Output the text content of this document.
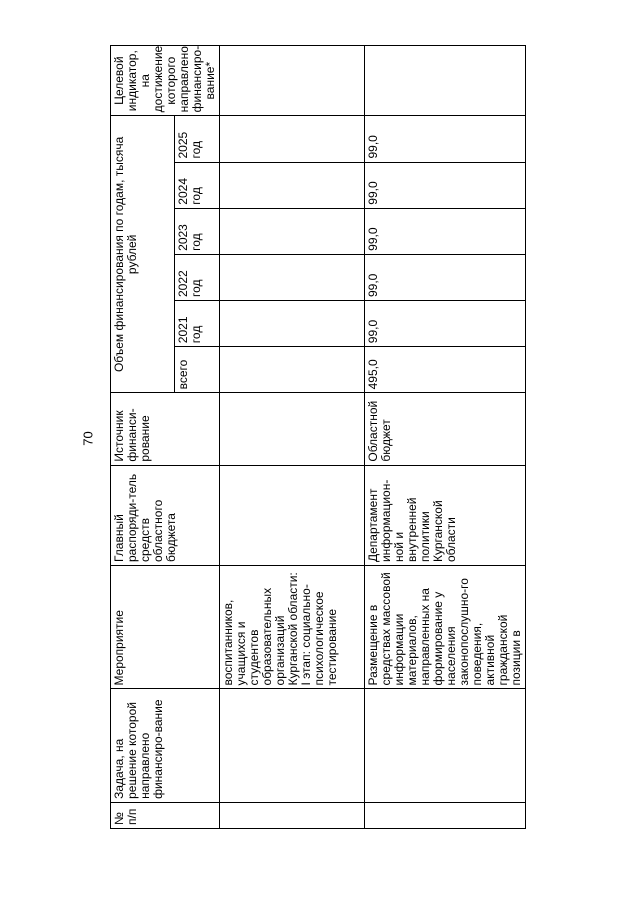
70
№ п/п	Задача, на решение которой направлено финансиро-вание	Мероприятие	Главный распоряди-тель средств областного бюджета	Источник финанси-рование	Объем финансирования по годам, тысяча рублей						Целевой индикатор, на достижение которого направлено финансиро-вание*
					всего	2021 год	2022 год	2023 год	2024 год	2025 год	
		воспитанников, учащихся и студентов образовательных организаций Курганской области: I этап: социально-психологическое тестирование									
		Размещение в средствах массовой информации материалов, направленных на формирование у населения законопослушно-го поведения, активной гражданской позиции в	Департамент информацион-ной и внутренней политики Курганской области	Областной бюджет	495,0	99,0	99,0	99,0	99,0	99,0	
